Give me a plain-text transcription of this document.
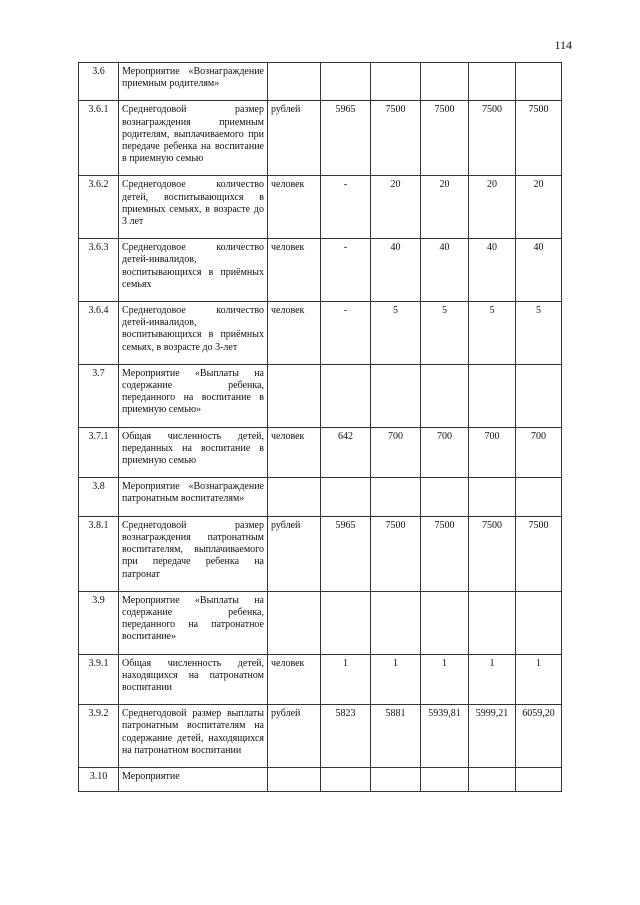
114
3.6	Мероприятие «Вознаграждение приемным родителям»						
3.6.1	Среднегодовой размер вознаграждения приемным родителям, выплачиваемого при передаче ребенка на воспитание в приемную семью	рублей	5965	7500	7500	7500	7500
3.6.2	Среднегодовое количество детей, воспитывающихся в приемных семьях, в возрасте до 3 лет	человек	-	20	20	20	20
3.6.3	Среднегодовое количество детей-инвалидов, воспитывающихся в приёмных семьях	человек	-	40	40	40	40
3.6.4	Среднегодовое количество детей-инвалидов, воспитывающихся в приёмных семьях, в возрасте до 3-лет	человек	-	5	5	5	5
3.7	Мероприятие «Выплаты на содержание ребенка, переданного на воспитание в приемную семью»						
3.7.1	Общая численность детей, переданных на воспитание в приемную семью	человек	642	700	700	700	700
3.8	Мероприятие «Вознаграждение патронатным воспитателям»						
3.8.1	Среднегодовой размер вознаграждения патронатным воспитателям, выплачиваемого при передаче ребенка на патронат	рублей	5965	7500	7500	7500	7500
3.9	Мероприятие «Выплаты на содержание ребенка, переданного на патронатное воспитание»						
3.9.1	Общая численность детей, находящихся на патронатном воспитании	человек	1	1	1	1	1
3.9.2	Среднегодовой размер выплаты патронатным воспитателям на содержание детей, находящихся на патронатном воспитании	рублей	5823	5881	5939,81	5999,21	6059,20
3.10	Мероприятие						
